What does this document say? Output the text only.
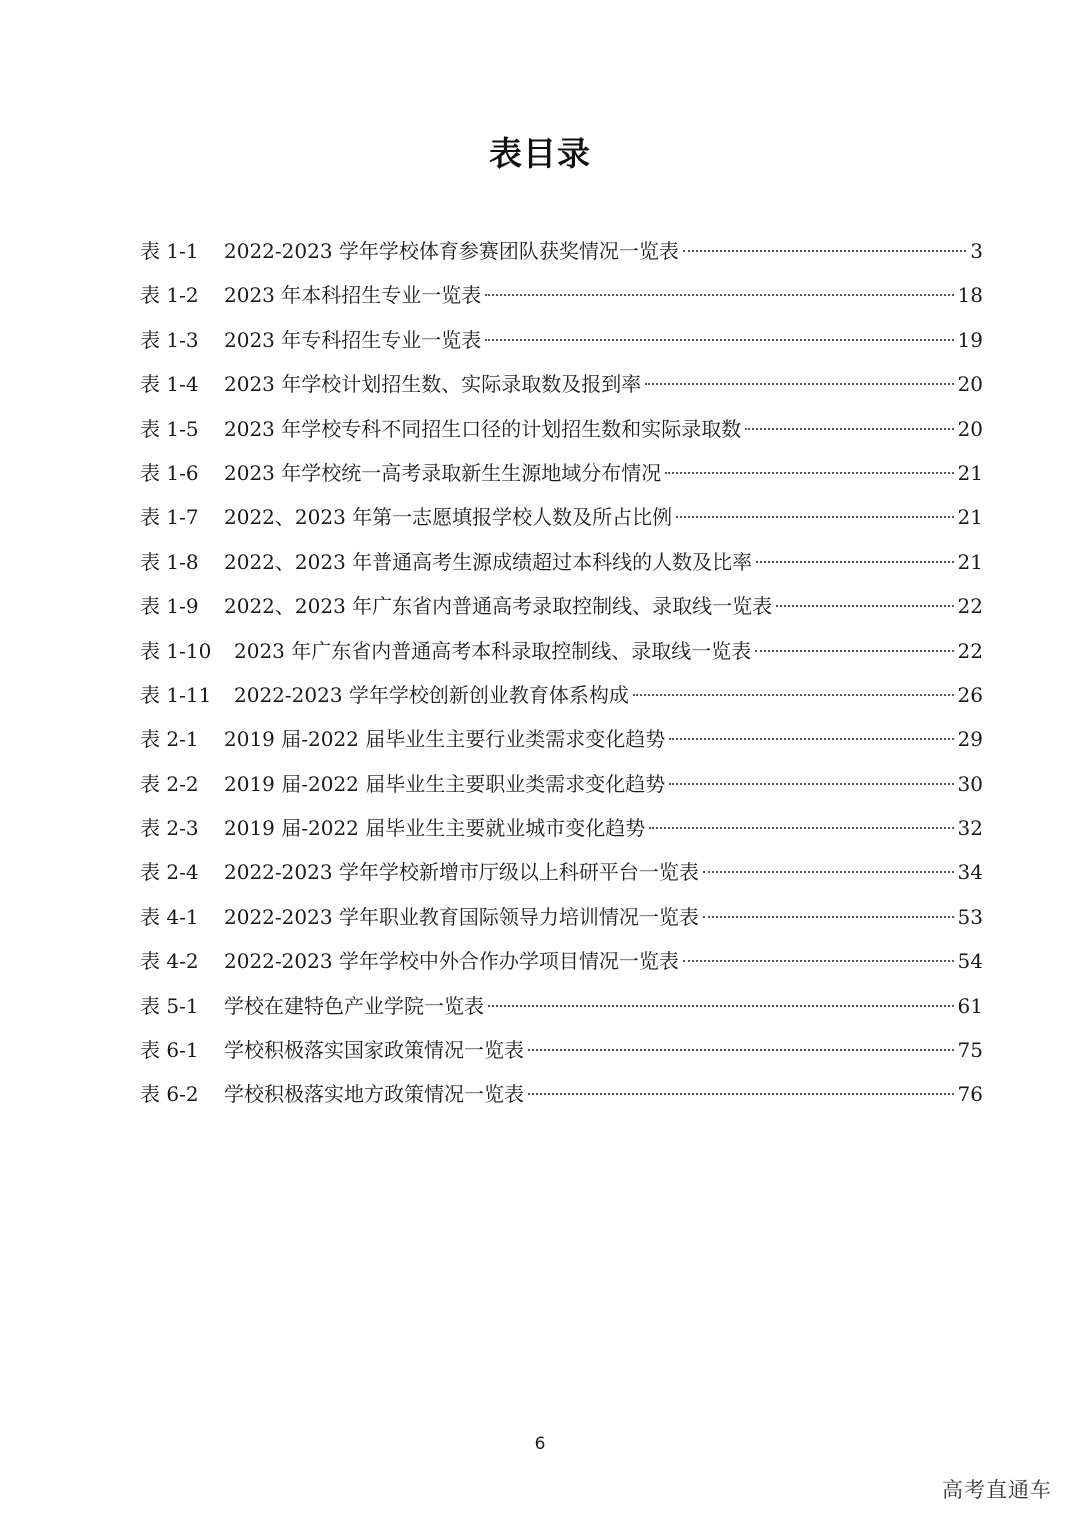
表目录
表 1-1	2022-2023 学年学校体育参赛团队获奖情况一览表	3
表 1-2	2023 年本科招生专业一览表	18
表 1-3	2023 年专科招生专业一览表	19
表 1-4	2023 年学校计划招生数、实际录取数及报到率	20
表 1-5	2023 年学校专科不同招生口径的计划招生数和实际录取数	20
表 1-6	2023 年学校统一高考录取新生生源地域分布情况	21
表 1-7	2022、2023 年第一志愿填报学校人数及所占比例	21
表 1-8	2022、2023 年普通高考生源成绩超过本科线的人数及比率	21
表 1-9	2022、2023 年广东省内普通高考录取控制线、录取线一览表	22
表 1-10	2023 年广东省内普通高考本科录取控制线、录取线一览表	22
表 1-11	2022-2023 学年学校创新创业教育体系构成	26
表 2-1	2019 届-2022 届毕业生主要行业类需求变化趋势	29
表 2-2	2019 届-2022 届毕业生主要职业类需求变化趋势	30
表 2-3	2019 届-2022 届毕业生主要就业城市变化趋势	32
表 2-4	2022-2023 学年学校新增市厅级以上科研平台一览表	34
表 4-1	2022-2023 学年职业教育国际领导力培训情况一览表	53
表 4-2	2022-2023 学年学校中外合作办学项目情况一览表	54
表 5-1	学校在建特色产业学院一览表	61
表 6-1	学校积极落实国家政策情况一览表	75
表 6-2	学校积极落实地方政策情况一览表	76
6
高考直通车
